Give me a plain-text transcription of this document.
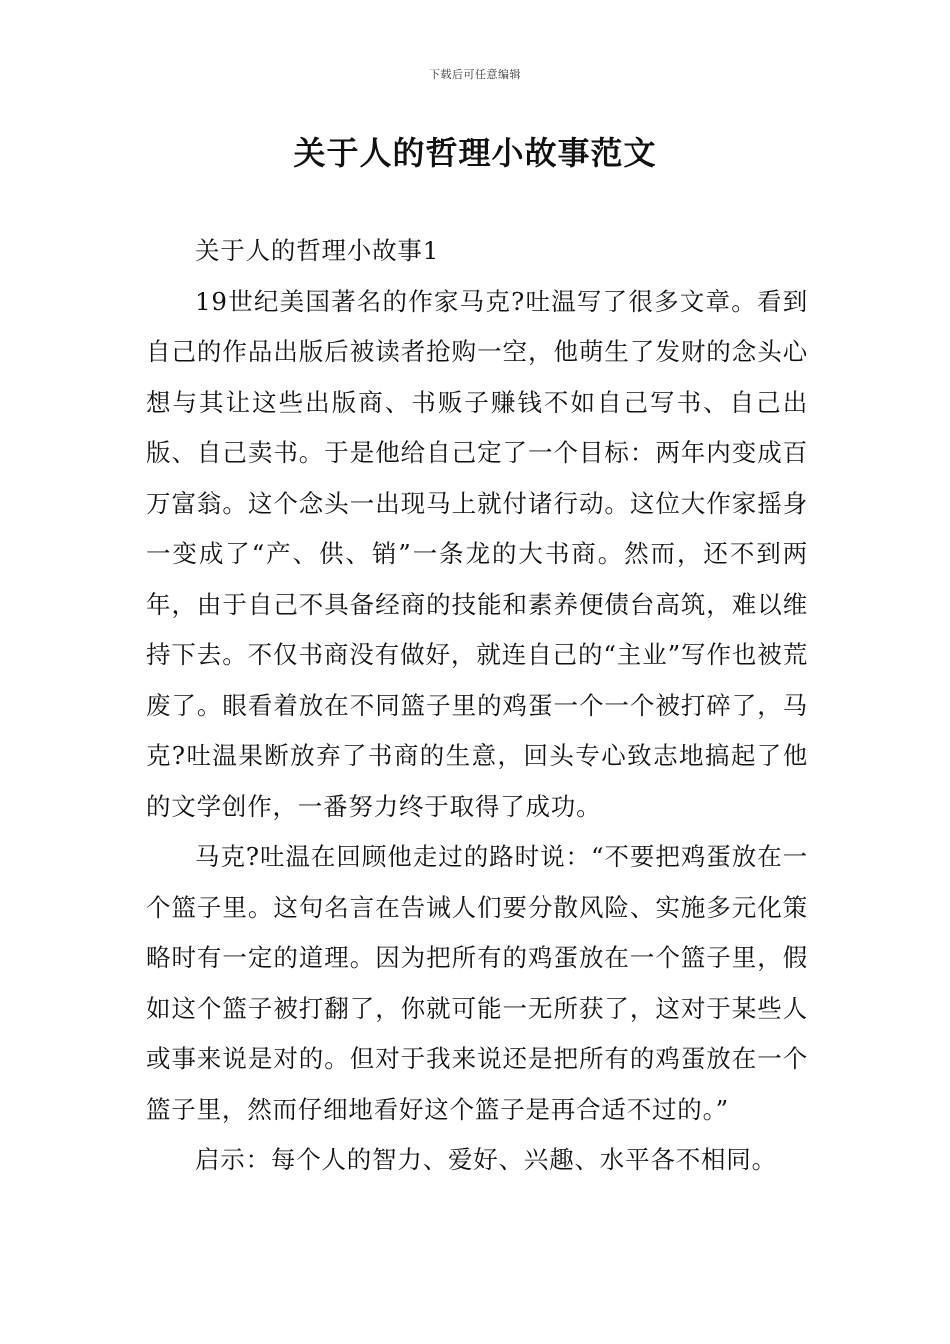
下载后可任意编辑
关于人的哲理小故事范文

关于人的哲理小故事1

19世纪美国著名的作家马克?吐温写了很多文章。看到自己的作品出版后被读者抢购一空，他萌生了发财的念头心想与其让这些出版商、书贩子赚钱不如自己写书、自己出版、自己卖书。于是他给自己定了一个目标：两年内变成百万富翁。这个念头一出现马上就付诸行动。这位大作家摇身一变成了“产、供、销”一条龙的大书商。然而，还不到两年，由于自己不具备经商的技能和素养便债台高筑，难以维持下去。不仅书商没有做好，就连自己的“主业”写作也被荒废了。眼看着放在不同篮子里的鸡蛋一个一个被打碎了，马克?吐温果断放弃了书商的生意，回头专心致志地搞起了他的文学创作，一番努力终于取得了成功。

马克?吐温在回顾他走过的路时说：“不要把鸡蛋放在一个篮子里。这句名言在告诫人们要分散风险、实施多元化策略时有一定的道理。因为把所有的鸡蛋放在一个篮子里，假如这个篮子被打翻了，你就可能一无所获了，这对于某些人或事来说是对的。但对于我来说还是把所有的鸡蛋放在一个篮子里，然而仔细地看好这个篮子是再合适不过的。”

启示：每个人的智力、爱好、兴趣、水平各不相同。
